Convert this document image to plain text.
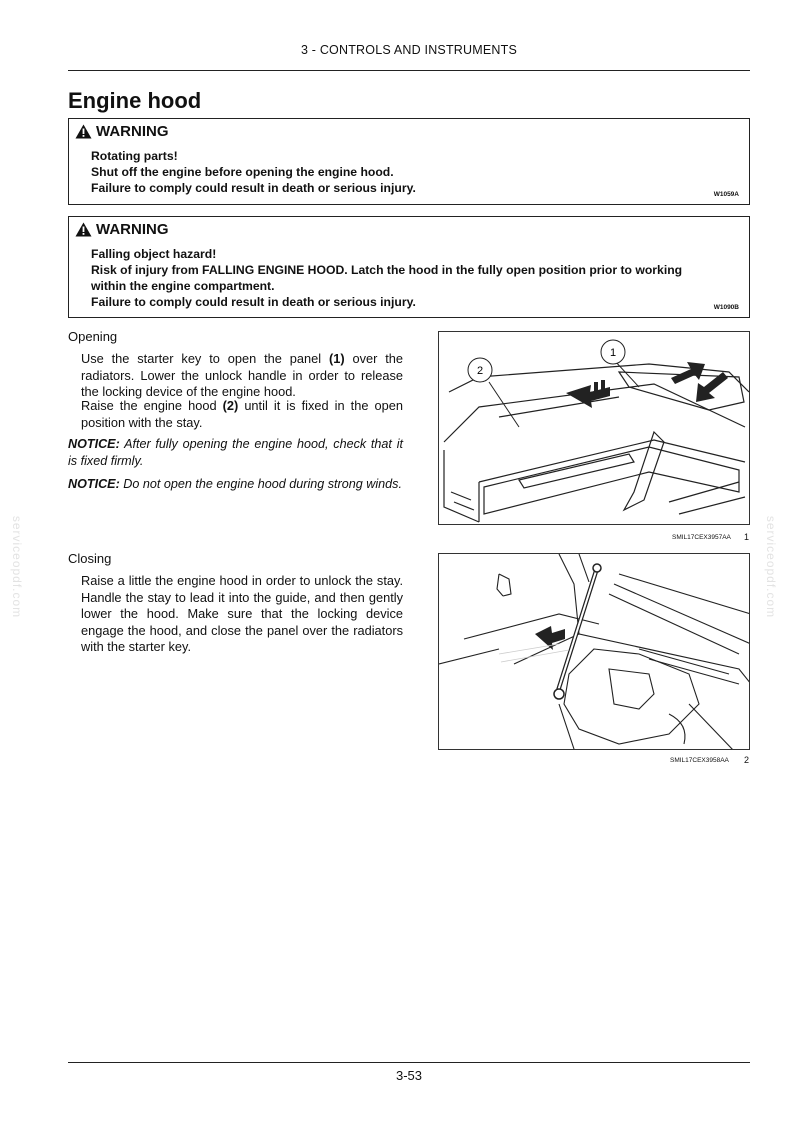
3 - CONTROLS AND INSTRUMENTS
Engine hood
WARNING
Rotating parts!
Shut off the engine before opening the engine hood.
Failure to comply could result in death or serious injury.	W1059A
WARNING
Falling object hazard!
Risk of injury from FALLING ENGINE HOOD. Latch the hood in the fully open position prior to working
within the engine compartment.
Failure to comply could result in death or serious injury.	W1090B
Opening
Use the starter key to open the panel (1) over the radiators. Lower the unlock handle in order to release the locking device of the engine hood.
Raise the engine hood (2) until it is fixed in the open position with the stay.
NOTICE: After fully opening the engine hood, check that it is fixed firmly.
NOTICE: Do not open the engine hood during strong winds.
Closing
Raise a little the engine hood in order to unlock the stay. Handle the stay to lead it into the guide, and then gently lower the hood. Make sure that the locking device engage the hood, and close the panel over the radiators with the starter key.
1
2
SMIL17CEX3957AA 1
SMIL17CEX3958AA 2
serviceopdf.com	serviceopdf.com
3-53
